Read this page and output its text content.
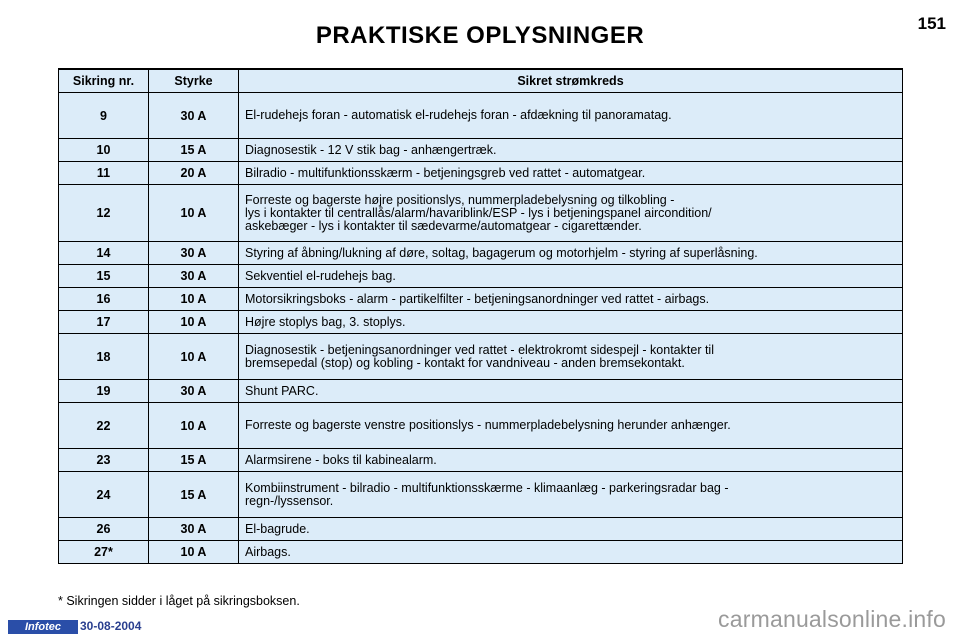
PRAKTISKE OPLYSNINGER	151
Sikring nr.	Styrke	Sikret strømkreds
9	30 A	El-rudehejs foran - automatisk el-rudehejs foran - afdækning til panoramatag.

10	15 A	Diagnosestik - 12 V stik bag - anhængertræk.

11	20 A	Bilradio - multifunktionsskærm - betjeningsgreb ved rattet - automatgear.

12	10 A	Forreste og bagerste højre positionslys, nummerpladebelysning og tilkobling -
lys i kontakter til centrallås/alarm/havariblink/ESP - lys i betjeningspanel aircondition/
askebæger - lys i kontakter til sædevarme/automatgear - cigarettænder.

14	30 A	Styring af åbning/lukning af døre, soltag, bagagerum og motorhjelm - styring af superlåsning.

15	30 A	Sekventiel el-rudehejs bag.

16	10 A	Motorsikringsboks - alarm - partikelfilter - betjeningsanordninger ved rattet - airbags.

17	10 A	Højre stoplys bag, 3. stoplys.

18	10 A	Diagnosestik - betjeningsanordninger ved rattet - elektrokromt sidespejl - kontakter til
bremsepedal (stop) og kobling - kontakt for vandniveau - anden bremsekontakt.

19	30 A	Shunt PARC.

22	10 A	Forreste og bagerste venstre positionslys - nummerpladebelysning herunder anhænger.

23	15 A	Alarmsirene - boks til kabinealarm.

24	15 A	Kombiinstrument - bilradio - multifunktionsskærme - klimaanlæg - parkeringsradar bag -
regn-/lyssensor.

26	30 A	El-bagrude.

27*	10 A	Airbags.
* Sikringen sidder i låget på sikringsboksen.
Infotec	30-08-2004	carmanualsonline.info
